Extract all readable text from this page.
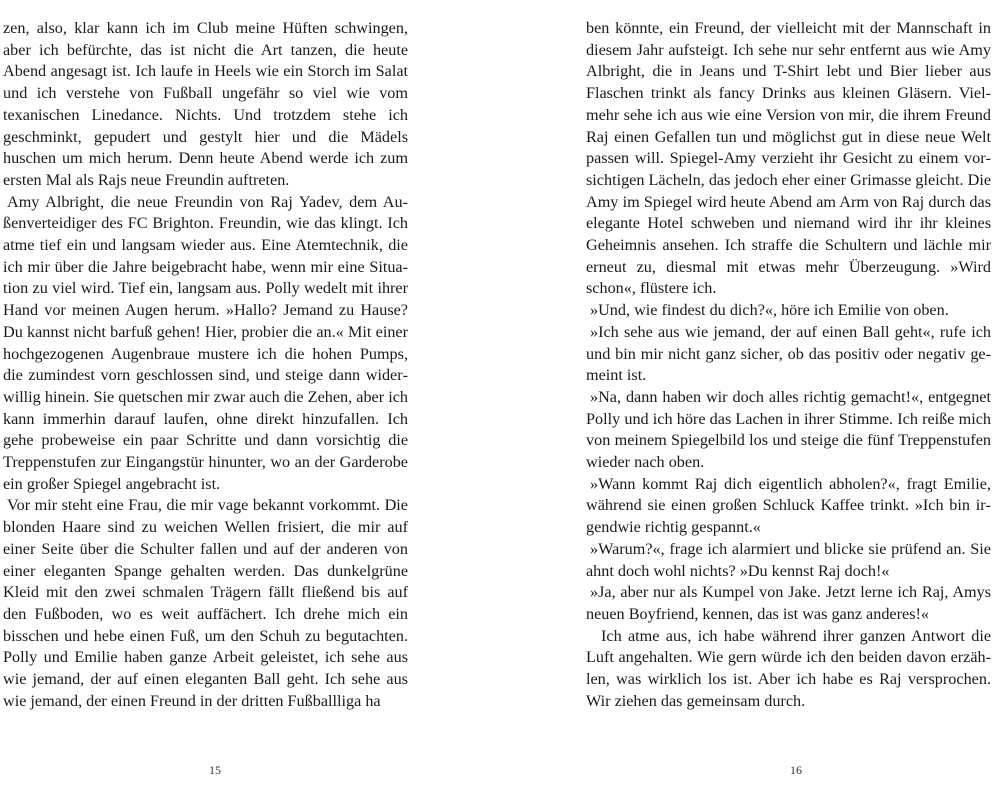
zen, also, klar kann ich im Club meine Hüften schwingen, aber ich befürchte, das ist nicht die Art tanzen, die heute Abend angesagt ist. Ich laufe in Heels wie ein Storch im Salat und ich verstehe von Fußball ungefähr so viel wie vom texanischen Linedance. Nichts. Und trotzdem stehe ich geschminkt, gepudert und gestylt hier und die Mädels huschen um mich herum. Denn heute Abend werde ich zum ersten Mal als Rajs neue Freundin auftreten.

Amy Albright, die neue Freundin von Raj Yadev, dem Außenverteidiger des FC Brighton. Freundin, wie das klingt. Ich atme tief ein und langsam wieder aus. Eine Atemtechnik, die ich mir über die Jahre beigebracht habe, wenn mir eine Situation zu viel wird. Tief ein, langsam aus. Polly wedelt mit ihrer Hand vor meinen Augen herum. »Hallo? Jemand zu Hause? Du kannst nicht barfuß gehen! Hier, probier die an.« Mit einer hochgezogenen Augenbraue mustere ich die hohen Pumps, die zumindest vorn geschlossen sind, und steige dann widerwillig hinein. Sie quetschen mir zwar auch die Zehen, aber ich kann immerhin darauf laufen, ohne direkt hinzufallen. Ich gehe probeweise ein paar Schritte und dann vorsichtig die Treppenstufen zur Eingangstür hinunter, wo an der Garderobe ein großer Spiegel angebracht ist.

Vor mir steht eine Frau, die mir vage bekannt vorkommt. Die blonden Haare sind zu weichen Wellen frisiert, die mir auf einer Seite über die Schulter fallen und auf der anderen von einer eleganten Spange gehalten werden. Das dunkelgrüne Kleid mit den zwei schmalen Trägern fällt fließend bis auf den Fußboden, wo es weit auffächert. Ich drehe mich ein bisschen und hebe einen Fuß, um den Schuh zu begutachten. Polly und Emilie haben ganze Arbeit geleistet, ich sehe aus wie jemand, der auf einen eleganten Ball geht. Ich sehe aus wie jemand, der einen Freund in der dritten Fußballliga ha

ben könnte, ein Freund, der vielleicht mit der Mannschaft in diesem Jahr aufsteigt. Ich sehe nur sehr entfernt aus wie Amy Albright, die in Jeans und T-Shirt lebt und Bier lieber aus Flaschen trinkt als fancy Drinks aus kleinen Gläsern. Vielmehr sehe ich aus wie eine Version von mir, die ihrem Freund Raj einen Gefallen tun und möglichst gut in diese neue Welt passen will. Spiegel-Amy verzieht ihr Gesicht zu einem vorsichtigen Lächeln, das jedoch eher einer Grimasse gleicht. Die Amy im Spiegel wird heute Abend am Arm von Raj durch das elegante Hotel schweben und niemand wird ihr ihr kleines Geheimnis ansehen. Ich straffe die Schultern und lächle mir erneut zu, diesmal mit etwas mehr Überzeugung. »Wird schon«, flüstere ich.

»Und, wie findest du dich?«, höre ich Emilie von oben.

»Ich sehe aus wie jemand, der auf einen Ball geht«, rufe ich und bin mir nicht ganz sicher, ob das positiv oder negativ gemeint ist.

»Na, dann haben wir doch alles richtig gemacht!«, entgegnet Polly und ich höre das Lachen in ihrer Stimme. Ich reiße mich von meinem Spiegelbild los und steige die fünf Treppenstufen wieder nach oben.

»Wann kommt Raj dich eigentlich abholen?«, fragt Emilie, während sie einen großen Schluck Kaffee trinkt. »Ich bin irgendwie richtig gespannt.«

»Warum?«, frage ich alarmiert und blicke sie prüfend an. Sie ahnt doch wohl nichts? »Du kennst Raj doch!«

»Ja, aber nur als Kumpel von Jake. Jetzt lerne ich Raj, Amys neuen Boyfriend, kennen, das ist was ganz anderes!«

Ich atme aus, ich habe während ihrer ganzen Antwort die Luft angehalten. Wie gern würde ich den beiden davon erzählen, was wirklich los ist. Aber ich habe es Raj versprochen. Wir ziehen das gemeinsam durch.

15	16
